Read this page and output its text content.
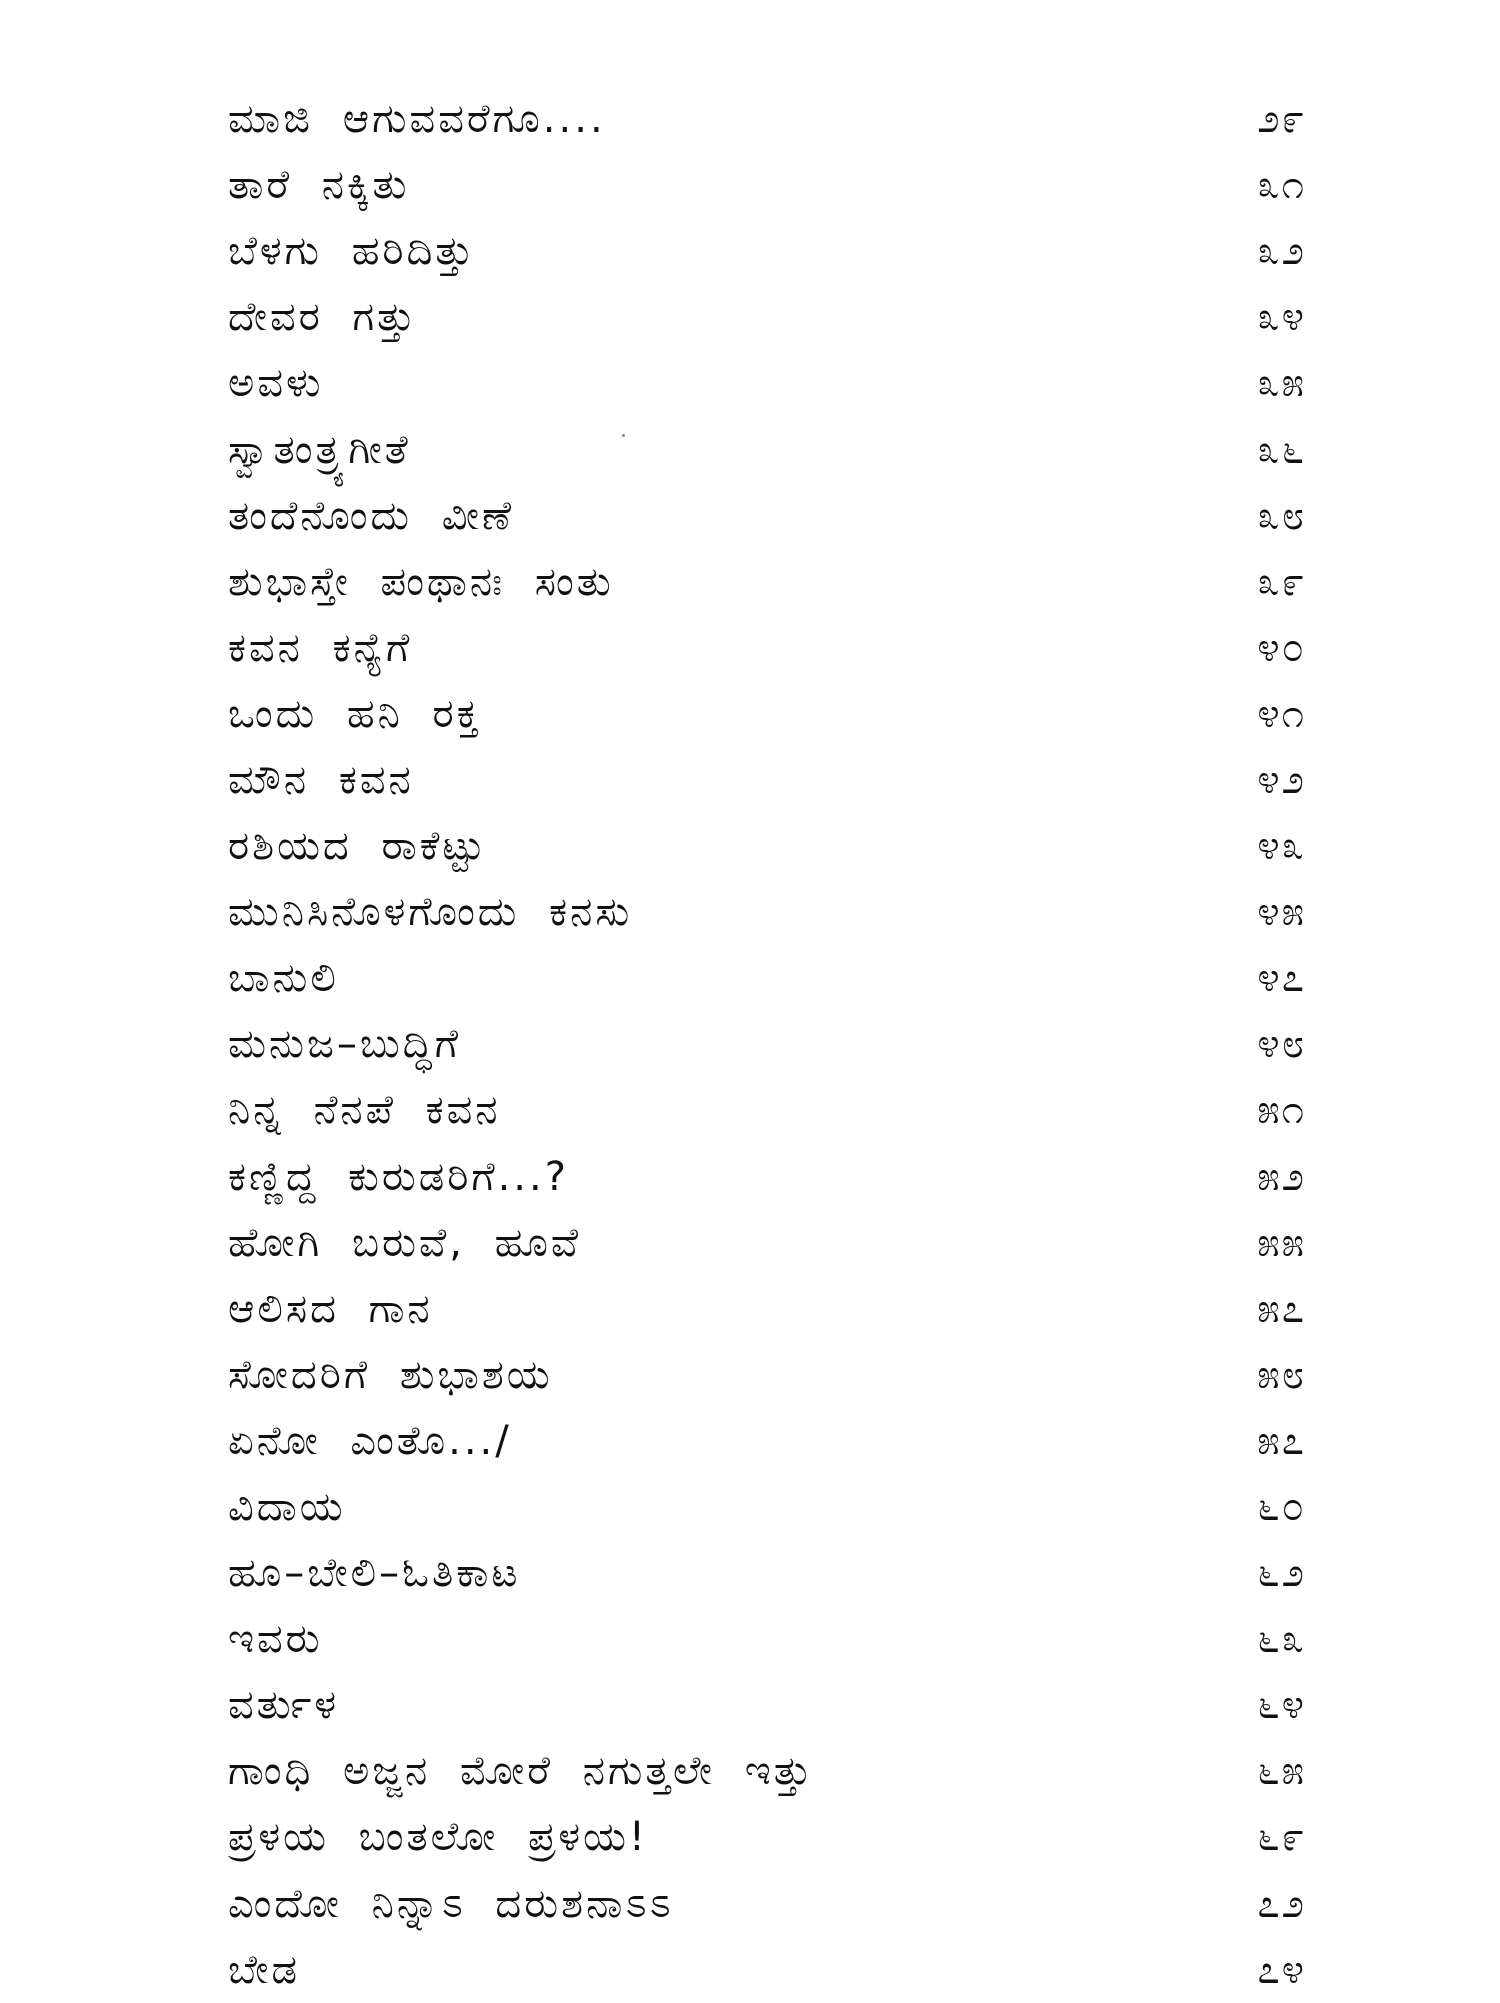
ಮಾಜಿ ಆಗುವವರೆಗೂ....	೨೯
ತಾರೆ ನಕ್ಕಿತು	೩೧
ಬೆಳಗು ಹರಿದಿತ್ತು	೩೨
ದೇವರ ಗತ್ತು	೩೪
ಅವಳು	೩೫
ಸ್ವಾತಂತ್ರ್ಯಗೀತೆ	೩೬
ತಂದೆನೊಂದು ವೀಣೆ	೩೮
ಶುಭಾಸ್ತೇ ಪಂಥಾನಃ ಸಂತು	೩೯
ಕವನ ಕನ್ಯೆಗೆ	೪೦
ಒಂದು ಹನಿ ರಕ್ತ	೪೧
ಮೌನ ಕವನ	೪೨
ರಶಿಯದ ರಾಕೆಟ್ಟು	೪೩
ಮುನಿಸಿನೊಳಗೊಂದು ಕನಸು	೪೫
ಬಾನುಲಿ	೪೭
ಮನುಜ–ಬುದ್ಧಿಗೆ	೪೮
ನಿನ್ನ ನೆನಪೆ ಕವನ	೫೧
ಕಣ್ಣಿದ್ದ ಕುರುಡರಿಗೆ...?	೫೨
ಹೋಗಿ ಬರುವೆ, ಹೂವೆ	೫೫
ಆಲಿಸದ ಗಾನ	೫೭
ಸೋದರಿಗೆ ಶುಭಾಶಯ	೫೮
ಏನೋ ಎಂತೊ.../	೫೭
ವಿದಾಯ	೬೦
ಹೂ–ಬೇಲಿ–ಓತಿಕಾಟ	೬೨
ಇವರು	೬೩
ವರ್ತುಳ	೬೪
ಗಾಂಧಿ ಅಜ್ಜನ ಮೋರೆ ನಗುತ್ತಲೇ ಇತ್ತು	೬೫
ಪ್ರಳಯ ಬಂತಲೋ ಪ್ರಳಯ!	೬೯
ಎಂದೋ ನಿನ್ನಾಽ ದರುಶನಾಽಽ	೭೨
ಬೇಡ	೭೪
